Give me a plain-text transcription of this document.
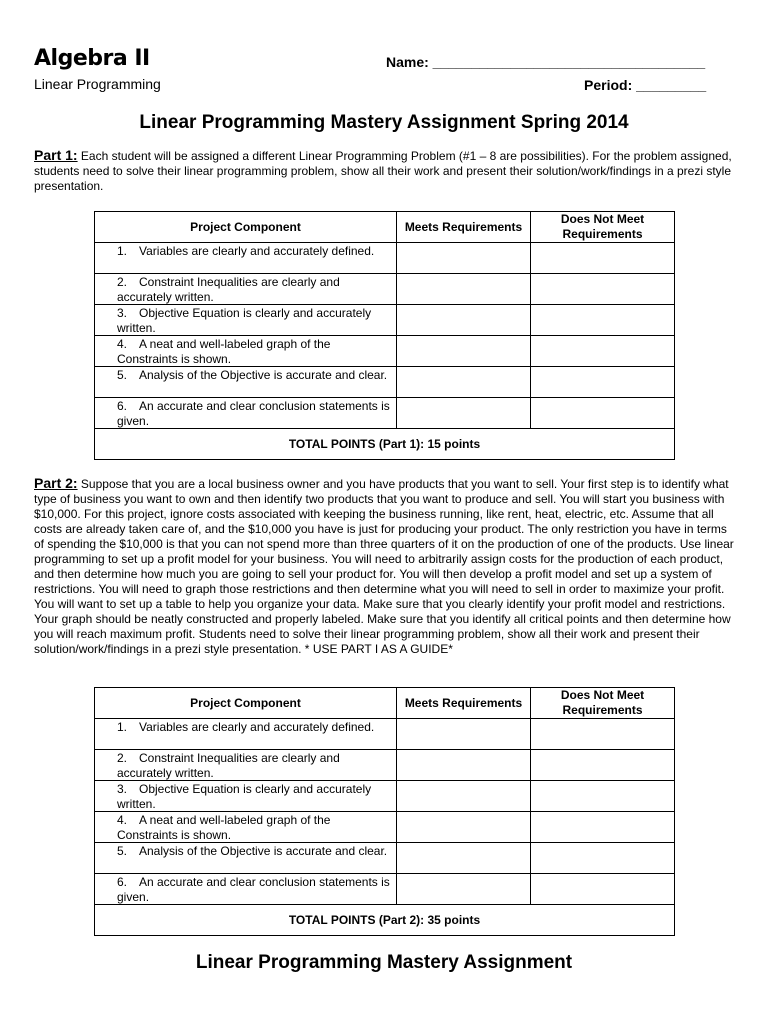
Algebra II
Linear Programming
Name: ___________________________________
Period: _________
Linear Programming Mastery Assignment Spring 2014
Part 1: Each student will be assigned a different Linear Programming Problem (#1 – 8 are possibilities). For the problem assigned, students need to solve their linear programming problem, show all their work and present their solution/work/findings in a prezi style presentation.
Project Component	Meets Requirements	Does Not Meet Requirements
1. Variables are clearly and accurately defined.		
2. Constraint Inequalities are clearly and accurately written.		
3. Objective Equation is clearly and accurately written.		
4. A neat and well-labeled graph of the Constraints is shown.		
5. Analysis of the Objective is accurate and clear.		
6. An accurate and clear conclusion statements is given.		
TOTAL POINTS (Part 1): 15 points		
Part 2: Suppose that you are a local business owner and you have products that you want to sell. Your first step is to identify what type of business you want to own and then identify two products that you want to produce and sell. You will start you business with $10,000. For this project, ignore costs associated with keeping the business running, like rent, heat, electric, etc. Assume that all costs are already taken care of, and the $10,000 you have is just for producing your product. The only restriction you have in terms of spending the $10,000 is that you can not spend more than three quarters of it on the production of one of the products. Use linear programming to set up a profit model for your business. You will need to arbitrarily assign costs for the production of each product, and then determine how much you are going to sell your product for. You will then develop a profit model and set up a system of restrictions. You will need to graph those restrictions and then determine what you will need to sell in order to maximize your profit. You will want to set up a table to help you organize your data. Make sure that you clearly identify your profit model and restrictions. Your graph should be neatly constructed and properly labeled. Make sure that you identify all critical points and then determine how you will reach maximum profit. Students need to solve their linear programming problem, show all their work and present their solution/work/findings in a prezi style presentation. * USE PART I AS A GUIDE*
Project Component	Meets Requirements	Does Not Meet Requirements
1. Variables are clearly and accurately defined.		
2. Constraint Inequalities are clearly and accurately written.		
3. Objective Equation is clearly and accurately written.		
4. A neat and well-labeled graph of the Constraints is shown.		
5. Analysis of the Objective is accurate and clear.		
6. An accurate and clear conclusion statements is given.		
TOTAL POINTS (Part 2): 35 points		
Linear Programming Mastery Assignment
